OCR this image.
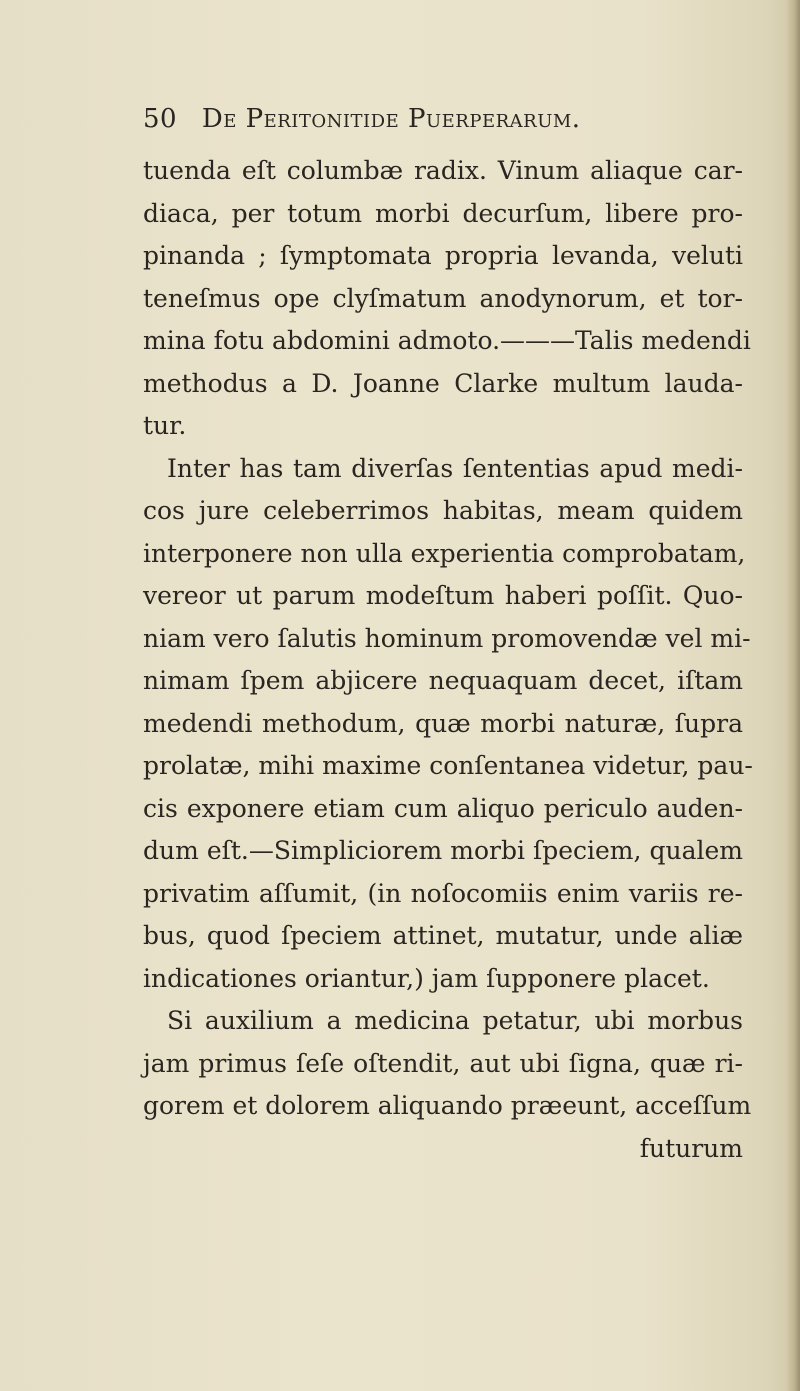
50 De Peritonitide Puerperarum.
tuenda eſt columbæ radix. Vinum aliaque car-
diaca, per totum morbi decurſum, libere pro-
pinanda ; ſymptomata propria levanda, veluti
teneſmus ope clyſmatum anodynorum, et tor-
mina fotu abdomini admoto.———Talis medendi
methodus a D. Joanne Clarke multum lauda-
tur.
Inter has tam diverſas ſententias apud medi-
cos jure celeberrimos habitas, meam quidem
interponere non ulla experientia comprobatam,
vereor ut parum modeſtum haberi poſſit. Quo-
niam vero ſalutis hominum promovendæ vel mi-
nimam ſpem abjicere nequaquam decet, iſtam
medendi methodum, quæ morbi naturæ, ſupra
prolatæ, mihi maxime conſentanea videtur, pau-
cis exponere etiam cum aliquo periculo auden-
dum eſt.—Simpliciorem morbi ſpeciem, qualem
privatim aſſumit, (in noſocomiis enim variis re-
bus, quod ſpeciem attinet, mutatur, unde aliæ
indicationes oriantur,) jam ſupponere placet.
Si auxilium a medicina petatur, ubi morbus
jam primus ſeſe oſtendit, aut ubi ſigna, quæ ri-
gorem et dolorem aliquando præeunt, acceſſum
futurum
